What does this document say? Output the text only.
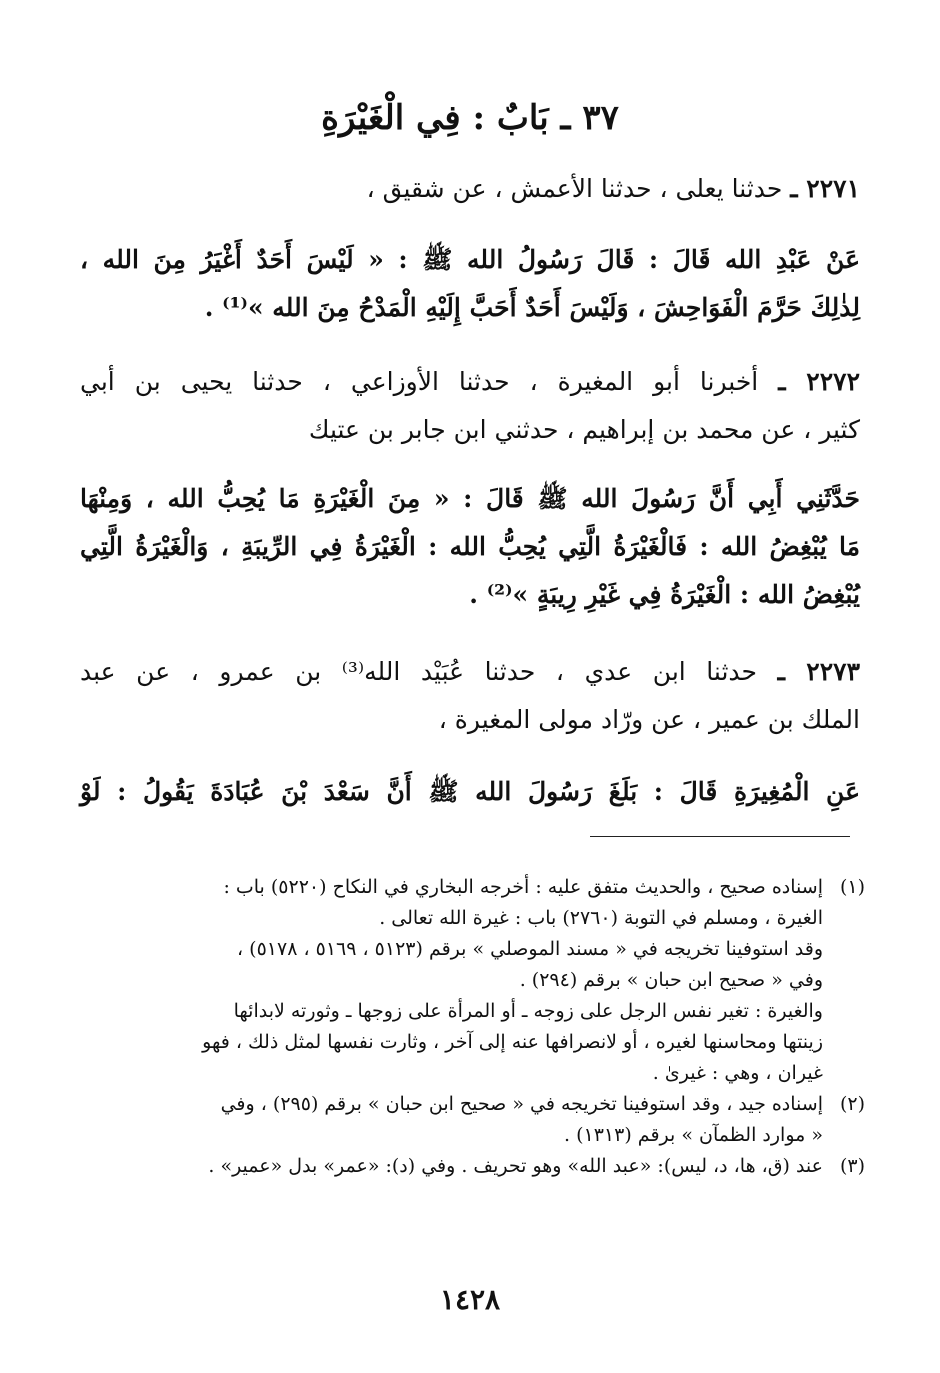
٣٧ ـ بَابٌ : فِي الْغَيْرَةِ
٢٢٧١ ـ حدثنا يعلى ، حدثنا الأعمش ، عن شقيق ،
عَنْ عَبْدِ الله قَالَ : قَالَ رَسُولُ الله ﷺ : « لَيْسَ أَحَدٌ أَغْيَرُ مِنَ الله ،
لِذٰلِكَ حَرَّمَ الْفَوَاحِشَ ، وَلَيْسَ أَحَدٌ أَحَبَّ إِلَيْهِ الْمَدْحُ مِنَ الله »⁽¹⁾ .
٢٢٧٢ ـ أخبرنا أبو المغيرة ، حدثنا الأوزاعي ، حدثنا يحيى بن أبي
كثير ، عن محمد بن إبراهيم ، حدثني ابن جابر بن عتيك
حَدَّثَنِي أَبِي أَنَّ رَسُولَ الله ﷺ قَالَ : « مِنَ الْغَيْرَةِ مَا يُحِبُّ الله ، وَمِنْهَا
مَا يُبْغِضُ الله : فَالْغَيْرَةُ الَّتِي يُحِبُّ الله : الْغَيْرَةُ فِي الرِّيبَةِ ، وَالْغَيْرَةُ الَّتِي
يُبْغِضُ الله : الْغَيْرَةُ فِي غَيْرِ رِيبَةٍ »⁽²⁾ .
٢٢٧٣ ـ حدثنا ابن عدي ، حدثنا عُبَيْد الله⁽³⁾ بن عمرو ، عن عبد
الملك بن عمير ، عن ورّاد مولى المغيرة ،
عَنِ الْمُغِيرَةِ قَالَ : بَلَغَ رَسُولَ الله ﷺ أَنَّ سَعْدَ بْنَ عُبَادَةَ يَقُولُ : لَوْ
(١)
إسناده صحيح ، والحديث متفق عليه : أخرجه البخاري في النكاح (٥٢٢٠) باب :
الغيرة ، ومسلم في التوبة (٢٧٦٠) باب : غيرة الله تعالى .
وقد استوفينا تخريجه في « مسند الموصلي » برقم (٥١٢٣ ، ٥١٦٩ ، ٥١٧٨) ،
وفي « صحيح ابن حبان » برقم (٢٩٤) .
والغيرة : تغير نفس الرجل على زوجه ـ أو المرأة على زوجها ـ وثورته لابدائها
زينتها ومحاسنها لغيره ، أو لانصرافها عنه إلى آخر ، وثارت نفسها لمثل ذلك ، فهو
غيران ، وهي : غيرىٰ .
(٢)
إسناده جيد ، وقد استوفينا تخريجه في « صحيح ابن حبان » برقم (٢٩٥) ، وفي
« موارد الظمآن » برقم (١٣١٣) .
(٣)
عند (ق، ها، د، ليس): «عبد الله» وهو تحريف . وفي (د): «عمر» بدل «عمير» .
١٤٢٨
